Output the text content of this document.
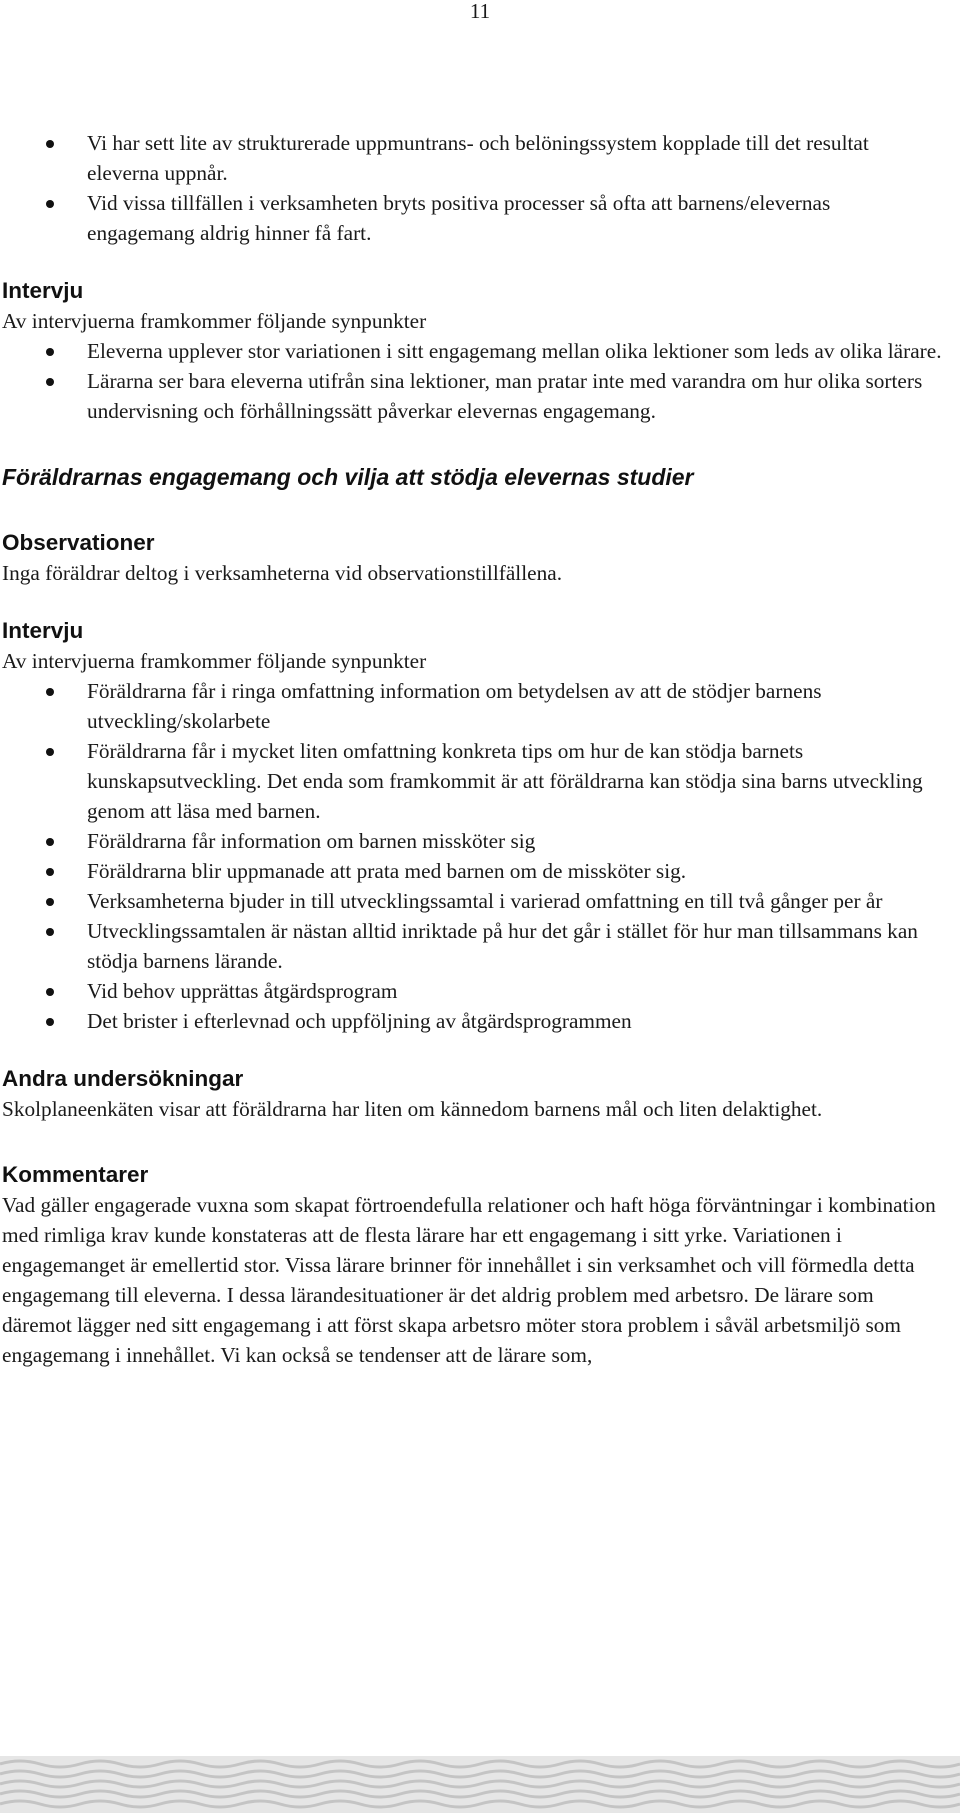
11
Vi har sett lite av strukturerade uppmuntrans- och belöningssystem kopplade till det resultat eleverna uppnår.
Vid vissa tillfällen i verksamheten bryts positiva processer så ofta att barnens/elevernas engagemang aldrig hinner få fart.
Intervju

Av intervjuerna framkommer följande synpunkter

Eleverna upplever stor variationen i sitt engagemang mellan olika lektioner som leds av olika lärare.
Lärarna ser bara eleverna utifrån sina lektioner, man pratar inte med varandra om hur olika sorters undervisning och förhållningssätt påverkar elevernas engagemang.
Föräldrarnas engagemang och vilja att stödja elevernas studier
Observationer

Inga föräldrar deltog i verksamheterna vid observationstillfällena.

Intervju

Av intervjuerna framkommer följande synpunkter

Föräldrarna får i ringa omfattning information om betydelsen av att de stödjer barnens utveckling/skolarbete
Föräldrarna får i mycket liten omfattning konkreta tips om hur de kan stödja barnets kunskapsutveckling. Det enda som framkommit är att föräldrarna kan stödja sina barns utveckling genom att läsa med barnen.
Föräldrarna får information om barnen missköter sig
Föräldrarna blir uppmanade att prata med barnen om de missköter sig.
Verksamheterna bjuder in till utvecklingssamtal i varierad omfattning en till två gånger per år
Utvecklingssamtalen är nästan alltid inriktade på hur det går i stället för hur man tillsammans kan stödja barnens lärande.
Vid behov upprättas åtgärdsprogram
Det brister i efterlevnad och uppföljning av åtgärdsprogrammen
Andra undersökningar

Skolplaneenkäten visar att föräldrarna har liten om kännedom barnens mål och liten delaktighet.

Kommentarer

Vad gäller engagerade vuxna som skapat förtroendefulla relationer och haft höga förväntningar i kombination med rimliga krav kunde konstateras att de flesta lärare har ett engagemang i sitt yrke. Variationen i engagemanget är emellertid stor. Vissa lärare brinner för innehållet i sin verksamhet och vill förmedla detta engagemang till eleverna. I dessa lärandesituationer är det aldrig problem med arbetsro. De lärare som däremot lägger ned sitt engagemang i att först skapa arbetsro möter stora problem i såväl arbetsmiljö som engagemang i innehållet. Vi kan också se tendenser att de lärare som,
